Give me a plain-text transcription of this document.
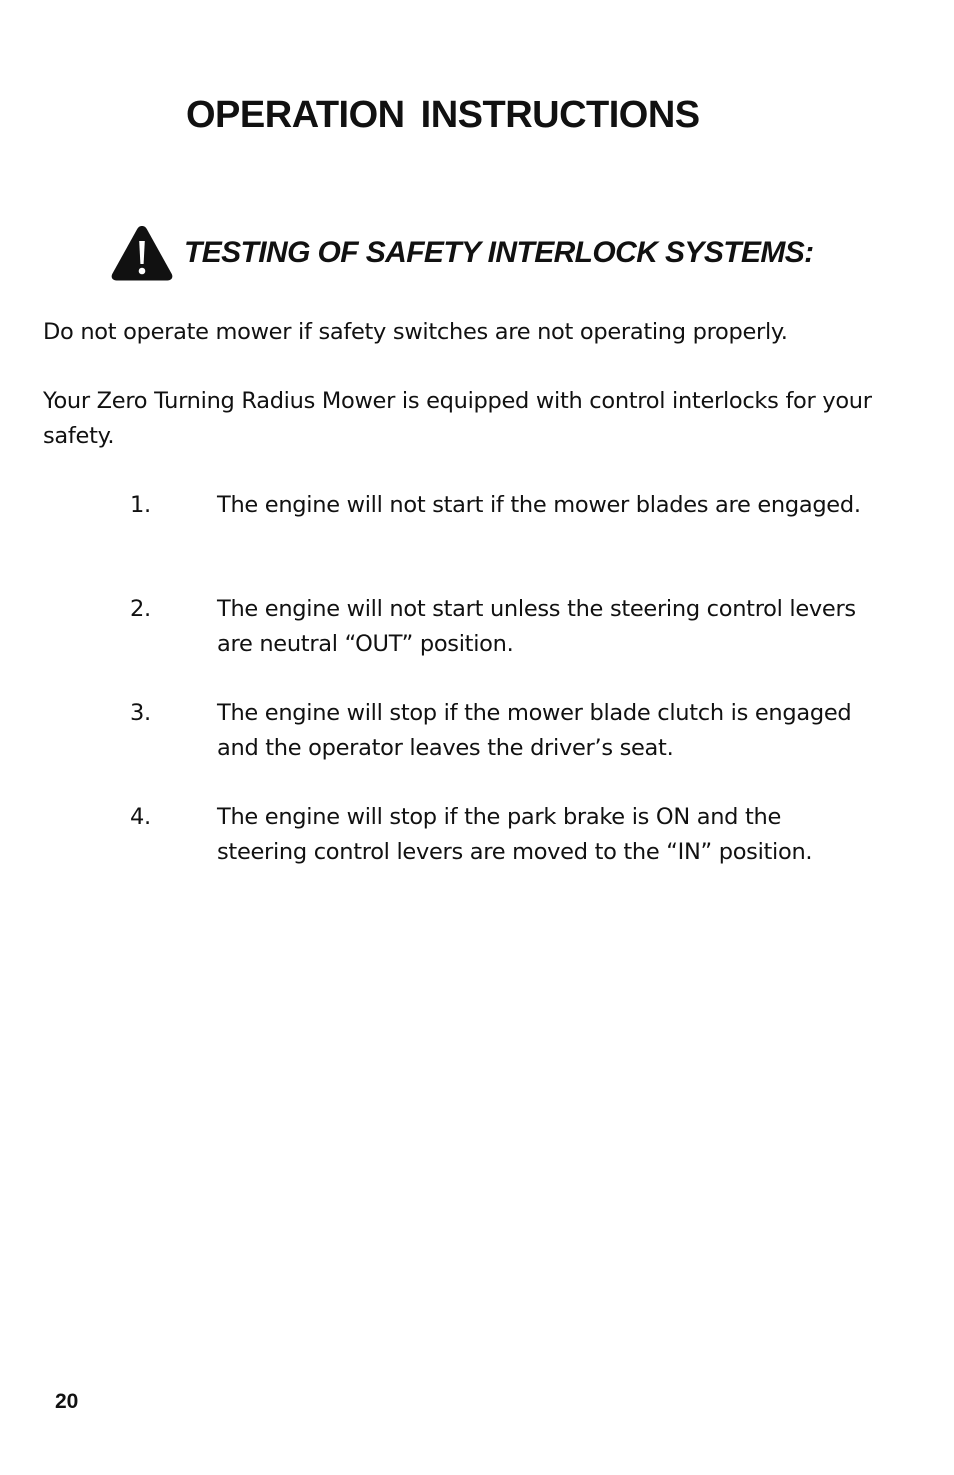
OPERATION INSTRUCTIONS
TESTING OF SAFETY INTERLOCK SYSTEMS:

Do not operate mower if safety switches are not operating properly.

Your Zero Turning Radius Mower is equipped with control interlocks for your safety.

1.	The engine will not start if the mower blades are engaged.
2.	The engine will not start unless the steering control levers are neutral “OUT” position.
3.	The engine will stop if the mower blade clutch is engaged and the operator leaves the driver’s seat.
4.	The engine will stop if the park brake is ON and the steering control levers are moved to the “IN” position.
20
